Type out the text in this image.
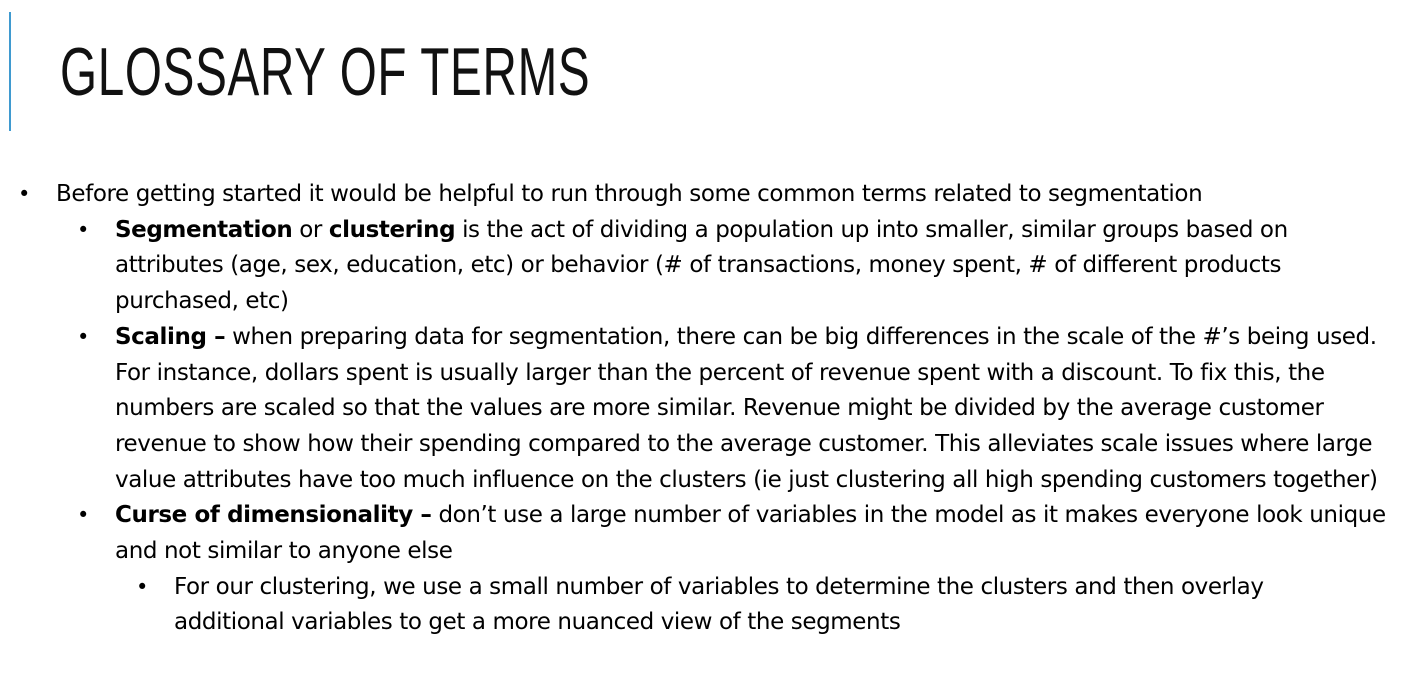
GLOSSARY OF TERMS

• Before getting started it would be helpful to run through some common terms related to segmentation

• Segmentation or clustering is the act of dividing a population up into smaller, similar groups based on attributes (age, sex, education, etc) or behavior (# of transactions, money spent, # of different products purchased, etc)

• Scaling – when preparing data for segmentation, there can be big differences in the scale of the #’s being used. For instance, dollars spent is usually larger than the percent of revenue spent with a discount. To fix this, the numbers are scaled so that the values are more similar. Revenue might be divided by the average customer revenue to show how their spending compared to the average customer. This alleviates scale issues where large value attributes have too much influence on the clusters (ie just clustering all high spending customers together)

• Curse of dimensionality – don’t use a large number of variables in the model as it makes everyone look unique and not similar to anyone else

• For our clustering, we use a small number of variables to determine the clusters and then overlay additional variables to get a more nuanced view of the segments
